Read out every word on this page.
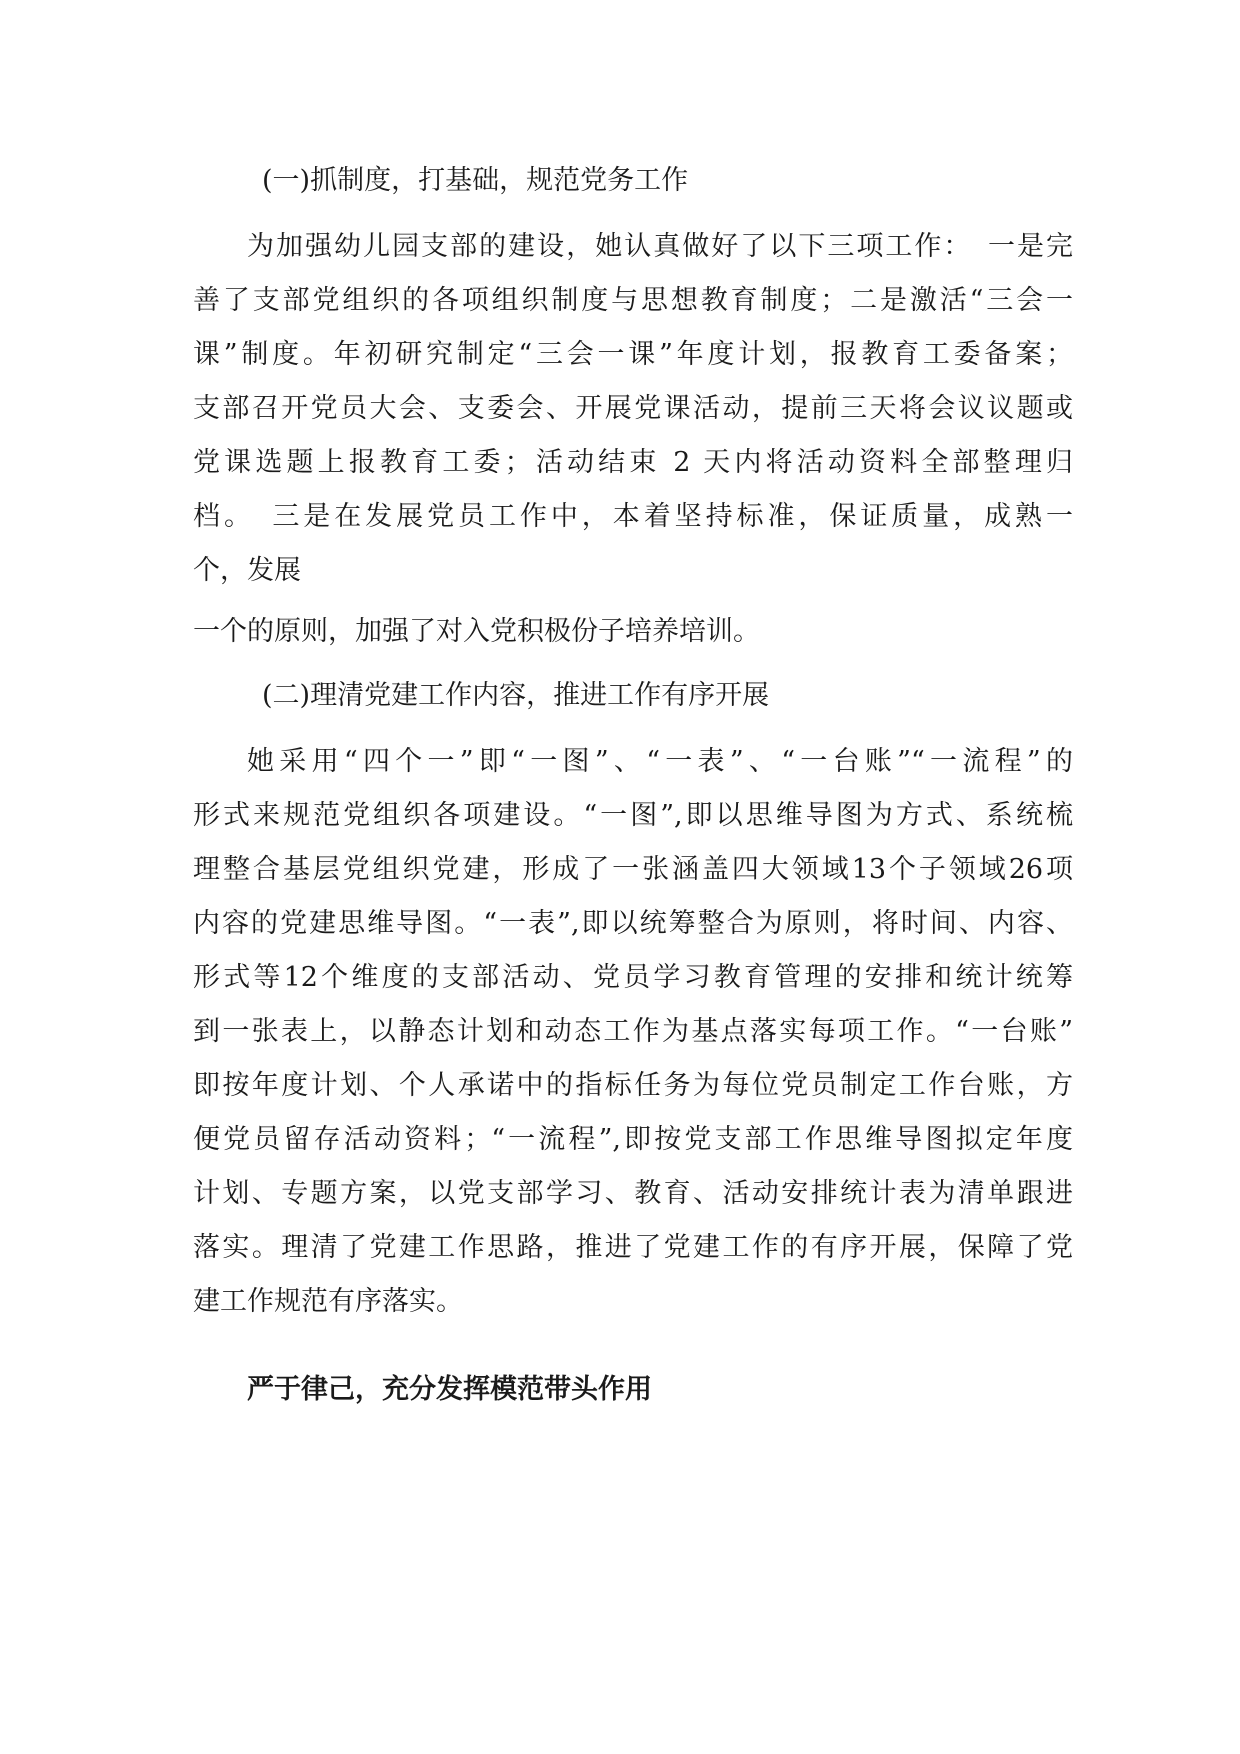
(一)抓制度，打基础，规范党务工作
为加强幼儿园支部的建设，她认真做好了以下三项工作：　一是完
善了支部党组织的各项组织制度与思想教育制度；二是激活“三会一
课”制度。年初研究制定“三会一课”年度计划，报教育工委备案；
支部召开党员大会、支委会、开展党课活动，提前三天将会议议题或
党课选题上报教育工委；活动结束 2 天内将活动资料全部整理归
档。　三是在发展党员工作中，本着坚持标准，保证质量，成熟一
个，发展
一个的原则，加强了对入党积极份子培养培训。
(二)理清党建工作内容，推进工作有序开展
她采用“四个一”即“一图”、“一表”、“一台账”“一流程”的
形式来规范党组织各项建设。“一图”,即以思维导图为方式、系统梳
理整合基层党组织党建，形成了一张涵盖四大领域13个子领域26项
内容的党建思维导图。“一表”,即以统筹整合为原则，将时间、内容、
形式等12个维度的支部活动、党员学习教育管理的安排和统计统筹
到一张表上，以静态计划和动态工作为基点落实每项工作。“一台账”
即按年度计划、个人承诺中的指标任务为每位党员制定工作台账，方
便党员留存活动资料；“一流程”,即按党支部工作思维导图拟定年度
计划、专题方案，以党支部学习、教育、活动安排统计表为清单跟进
落实。理清了党建工作思路，推进了党建工作的有序开展，保障了党
建工作规范有序落实。
严于律己，充分发挥模范带头作用
